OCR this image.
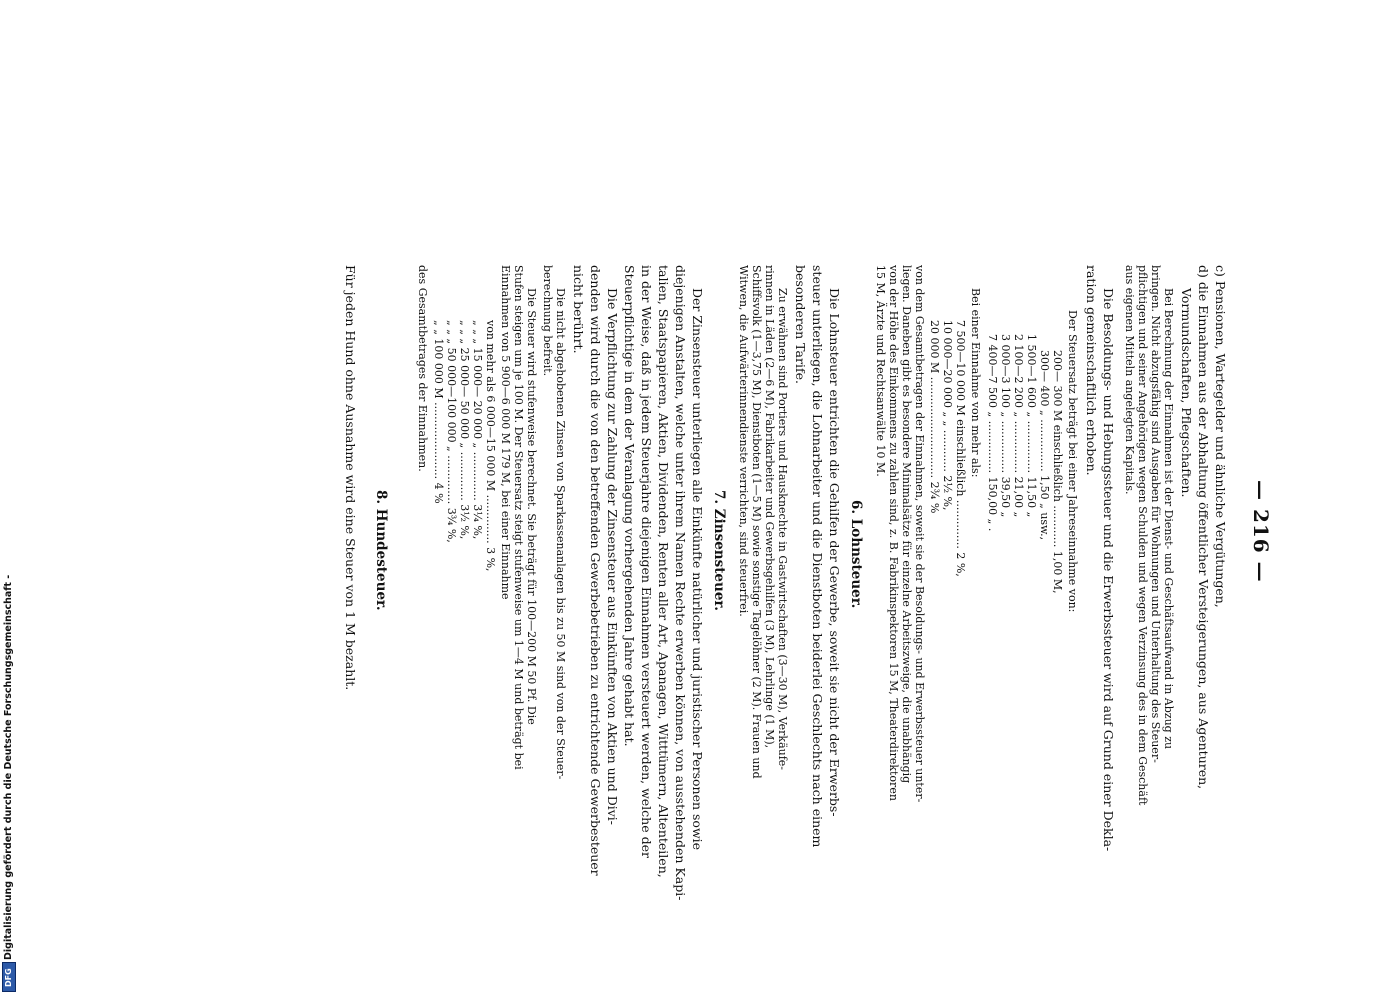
— 216 —
c) Pensionen, Wartegelder und ähnliche Vergütungen,
d) die Einnahmen aus der Abhaltung öffentlicher Versteigerungen, aus Agenturen,
Vormundschaften, Pflegschaften.
Bei Berechnung der Einnahmen ist der Dienst- und Geschäftsaufwand in Abzug zu
bringen. Nicht abzugsfähig sind Ausgaben für Wohnungen und Unterhaltung des Steuer-
pflichtigen und seiner Angehörigen wegen Schulden und wegen Verzinsung des in dem Geschäft
aus eigenen Mitteln angelegten Kapitals.
Die Besoldungs- und Hebungssteuer und die Erwerbssteuer wird auf Grund einer Dekla-
ration gemeinschaftlich erhoben.
Der Steuersatz beträgt bei einer Jahreseinnahme von:
200— 300 M einschließlich ............ 1,00 M,
300— 400 „ ............... 1,50 „ usw.,
1 500—1 600 „ ............... 11,50 „
2 100—2 200 „ ............... 21,00 „
3 000—3 100 „ ............... 39,50 „
7 400—7 500 „ ............... 150,00 „ .
Bei einer Einnahme von mehr als:
7 500—10 000 M einschließlich .............. 2 %,
10 000—20 000 „ „ ............ 2½ %,
20 000 M ............................. 2¾ %
von dem Gesamtbetragen der Einnahmen, soweit sie der Besoldungs- und Erwerbssteuer unter-
liegen. Daneben gibt es besondere Minimalsätze für einzelne Arbeitszweige, die unabhängig
von der Höhe des Einkommens zu zahlen sind, z. B. Fabrikinspektoren 15 M, Theaterdirektoren
15 M, Ärzte und Rechtsanwälte 10 M.
6. Lohnsteuer.
Die Lohnsteuer entrichten die Gehilfen der Gewerbe, soweit sie nicht der Erwerbs-
steuer unterliegen, die Lohnarbeiter und die Dienstboten beiderlei Geschlechts nach einem
besonderen Tarife.
Zu erwähnen sind Portiers und Hausknechte in Gastwirtschaften (3—30 M), Verkäufe-
rinnen in Läden (2—6 M), Fabrikarbeiter und Gewerbsgehilfen (3 M), Lehrlinge (1 M),
Schiffsvolk (1—3,75 M), Dienstboten (1—5 M) sowie sonstige Tagelöhner (2 M). Frauen und
Witwen, die Aufwärterinnendienste verrichten, sind steuerfrei.
7. Zinsensteuer.
Der Zinsensteuer unterliegen alle Einkünfte natürlicher und juristischer Personen sowie
diejenigen Anstalten, welche unter ihrem Namen Rechte erwerben können, von ausstehenden Kapi-
talien, Staatspapieren, Aktien, Dividenden, Renten aller Art, Apanagen, Witttümern, Altenteilen,
in der Weise, daß in jedem Steuerjahre diejenigen Einnahmen versteuert werden, welche der
Steuerpflichtige in dem der Veranlagung vorhergehenden Jahre gehabt hat.
Die Verpflichtung zur Zahlung der Zinsensteuer aus Einkünften von Aktien und Divi-
denden wird durch die von den betreffenden Gewerbebetrieben zu entrichtende Gewerbesteuer
nicht berührt.
Die nicht abgehobenen Zinsen von Sparkassenanlagen bis zu 50 M sind von der Steuer-
berechnung befreit.
Die Steuer wird stufenweise berechnet. Sie beträgt für 100—200 M 50 Pf. Die
Stufen steigen um je 100 M. Der Steuersatz steigt stufenweise um 1—4 M und beträgt bei
Einnahmen von 5 900—6 000 M 179 M, bei einer Einnahme
von mehr als 6 000—15 000 M .............. 3 %,
„ „ „ 15 000— 20 000 „ .............. 3¼ %,
„ „ „ 25 000— 50 000 „ .............. 3½ %,
„ „ „ 50 000—100 000 „ .............. 3¾ %,
„ „ 100 000 M ...................... 4 %
des Gesamtbetrages der Einnahmen.
8. Hundesteuer.
Für jeden Hund ohne Ausnahme wird eine Steuer von 1 M bezahlt.
Digitalisierung gefördert durch die Deutsche Forschungsgemeinschaft -
DFG
